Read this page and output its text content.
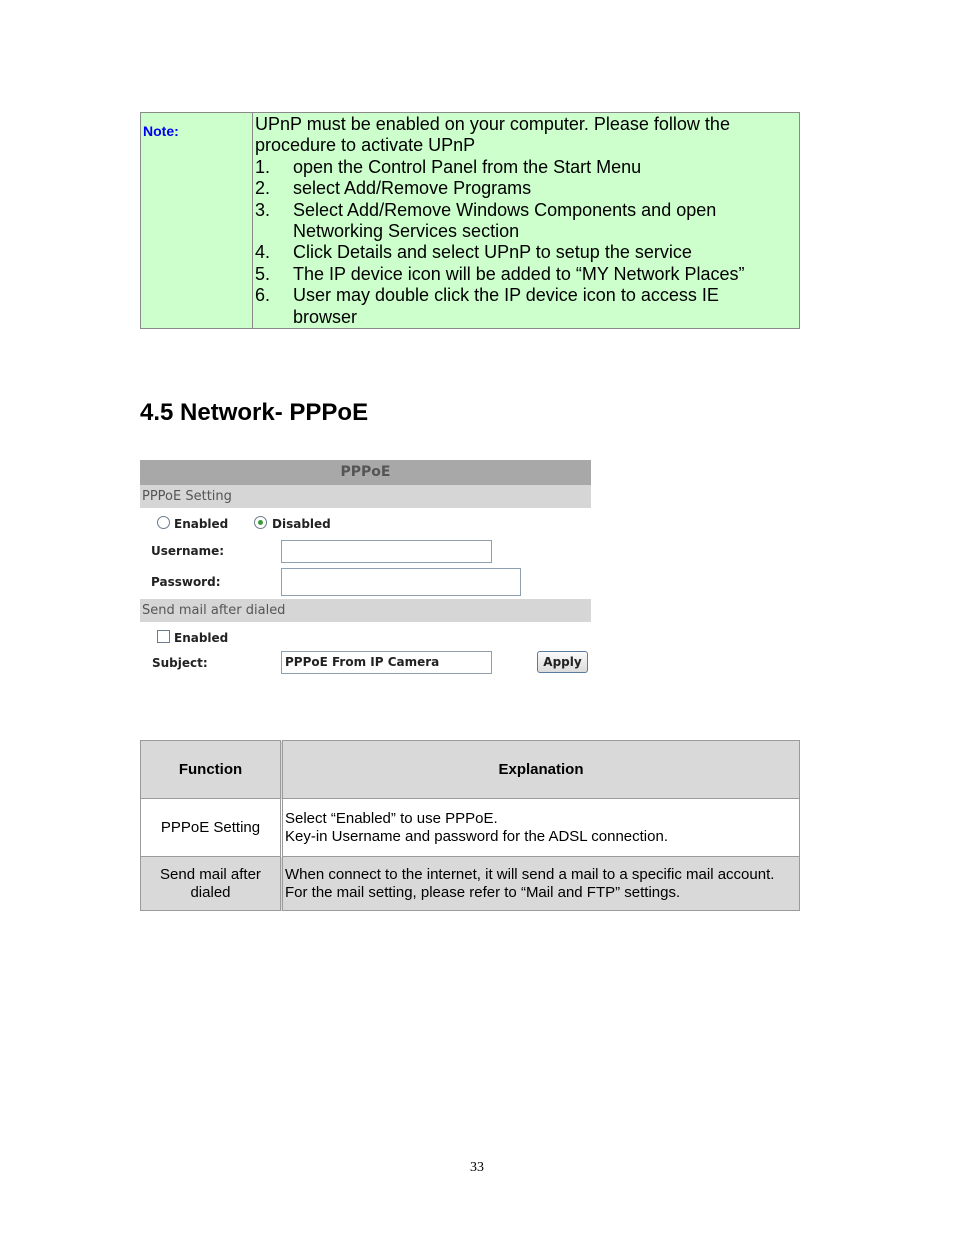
Note:	UPnP must be enabled on your computer. Please follow the
procedure to activate UPnP
1.	open the Control Panel from the Start Menu
2.	select Add/Remove Programs
3.	Select Add/Remove Windows Components and open
Networking Services section
4.	Click Details and select UPnP to setup the service
5.	The IP device icon will be added to “MY Network Places”
6.	User may double click the IP device icon to access IE
browser
4.5 Network- PPPoE
PPPoE
PPPoE Setting
Enabled	Disabled
Username:
Password:
Send mail after dialed
Enabled
Subject:	PPPoE From IP Camera	Apply
Function	Explanation
PPPoE Setting	Select “Enabled” to use PPPoE.
Key-in Username and password for the ADSL connection.
Send mail after
dialed	When connect to the internet, it will send a mail to a specific mail account.
For the mail setting, please refer to “Mail and FTP” settings.
33
